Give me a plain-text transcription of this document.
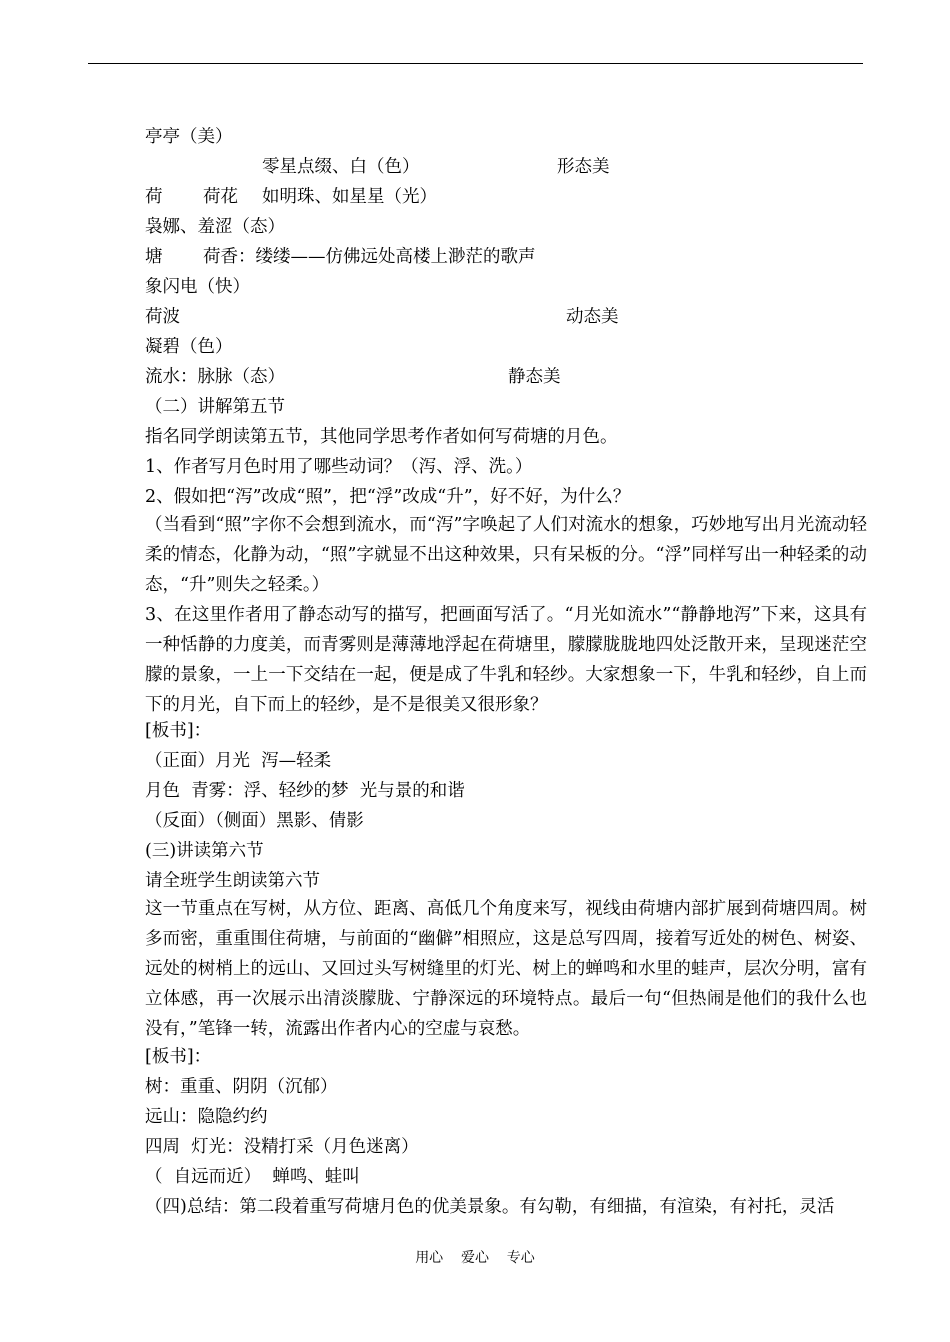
亭亭（美）
零星点缀、白（色）	形态美
荷 荷花 如明珠、如星星（光）
袅娜、羞涩（态）
塘 荷香：缕缕——仿佛远处高楼上渺茫的歌声
象闪电（快）
荷波	动态美
凝碧（色）
流水：脉脉（态）	静态美
（二）讲解第五节
指名同学朗读第五节，其他同学思考作者如何写荷塘的月色。
1、作者写月色时用了哪些动词？（泻、浮、洗。）
2、假如把“泻”改成“照”，把“浮”改成“升”，好不好，为什么？
（当看到“照”字你不会想到流水，而“泻”字唤起了人们对流水的想象，巧妙地写出月光流动轻柔的情态，化静为动，“照”字就显不出这种效果，只有呆板的分。“浮”同样写出一种轻柔的动态，“升”则失之轻柔。）
3、在这里作者用了静态动写的描写，把画面写活了。“月光如流水”“静静地泻”下来，这具有一种恬静的力度美，而青雾则是薄薄地浮起在荷塘里，朦朦胧胧地四处泛散开来，呈现迷茫空朦的景象，一上一下交结在一起，便是成了牛乳和轻纱。大家想象一下，牛乳和轻纱，自上而下的月光，自下而上的轻纱，是不是很美又很形象？
[板书]：
（正面）月光  泻—轻柔
月色  青雾：浮、轻纱的梦  光与景的和谐
（反面）（侧面）黑影、倩影
(三)讲读第六节
请全班学生朗读第六节
这一节重点在写树，从方位、距离、高低几个角度来写，视线由荷塘内部扩展到荷塘四周。树多而密，重重围住荷塘，与前面的“幽僻”相照应，这是总写四周，接着写近处的树色、树姿、远处的树梢上的远山、又回过头写树缝里的灯光、树上的蝉鸣和水里的蛙声，层次分明，富有立体感，再一次展示出清淡朦胧、宁静深远的环境特点。最后一句“但热闹是他们的我什么也没有，”笔锋一转，流露出作者内心的空虚与哀愁。
[板书]：
树：重重、阴阴（沉郁）
远山：隐隐约约
四周  灯光：没精打采（月色迷离）
（  自远而近）  蝉鸣、蛙叫
（四)总结：第二段着重写荷塘月色的优美景象。有勾勒，有细描，有渲染，有衬托，灵活
用心    爱心    专心
